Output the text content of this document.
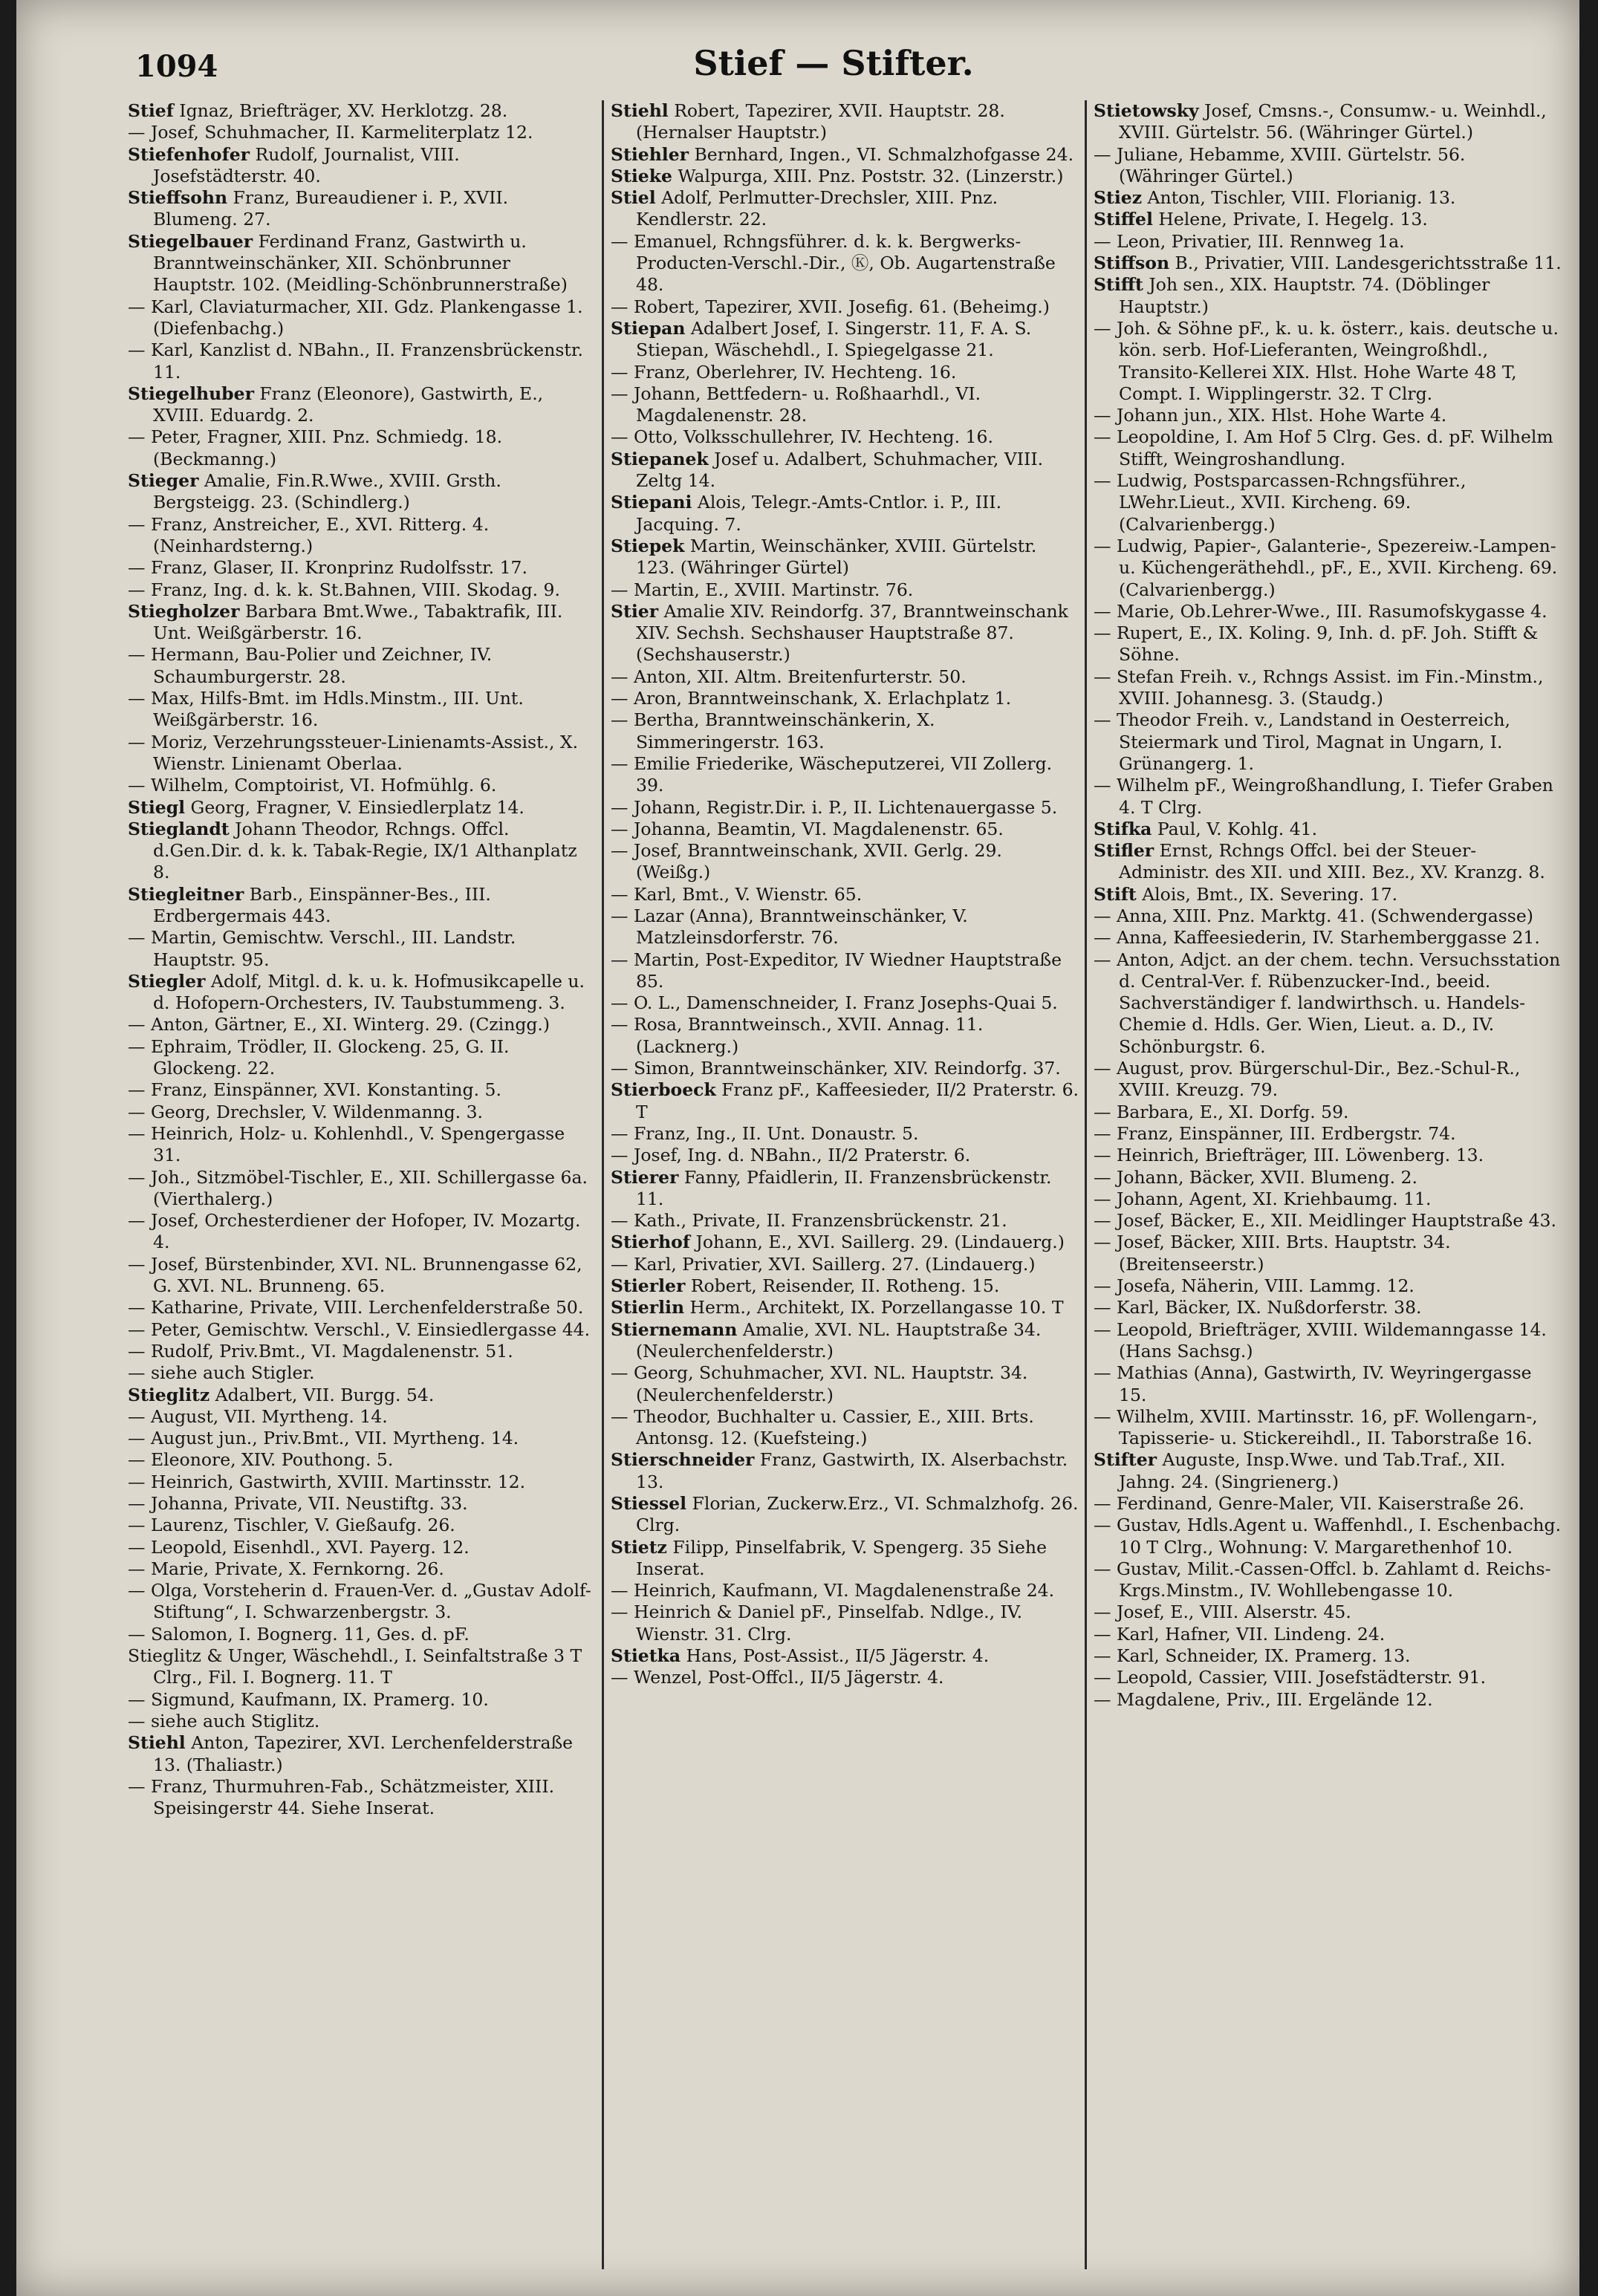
1094	Stief — Stifter.

Stief Ignaz, Briefträger, XV. Herklotzg. 28.

— Josef, Schuhmacher, II. Karmeliterplatz 12.

Stiefenhofer Rudolf, Journalist, VIII. Josefstädterstr. 40.

Stieffsohn Franz, Bureaudiener i. P., XVII. Blumeng. 27.

Stiegelbauer Ferdinand Franz, Gastwirth u. Branntweinschänker, XII. Schönbrunner Hauptstr. 102. (Meidling-Schönbrunnerstraße)

— Karl, Claviaturmacher, XII. Gdz. Plankengasse 1. (Diefenbachg.)

— Karl, Kanzlist d. NBahn., II. Franzensbrückenstr. 11.

Stiegelhuber Franz (Eleonore), Gastwirth, E., XVIII. Eduardg. 2.

— Peter, Fragner, XIII. Pnz. Schmiedg. 18. (Beckmanng.)

Stieger Amalie, Fin.R.Wwe., XVIII. Grsth. Bergsteigg. 23. (Schindlerg.)

— Franz, Anstreicher, E., XVI. Ritterg. 4. (Neinhardsterng.)

— Franz, Glaser, II. Kronprinz Rudolfsstr. 17.

— Franz, Ing. d. k. k. St.Bahnen, VIII. Skodag. 9.

Stiegholzer Barbara Bmt.Wwe., Tabaktrafik, III. Unt. Weißgärberstr. 16.

— Hermann, Bau-Polier und Zeichner, IV. Schaumburgerstr. 28.

— Max, Hilfs-Bmt. im Hdls.Minstm., III. Unt. Weißgärberstr. 16.

— Moriz, Verzehrungssteuer-Linienamts-Assist., X. Wienstr. Linienamt Oberlaa.

— Wilhelm, Comptoirist, VI. Hofmühlg. 6.

Stiegl Georg, Fragner, V. Einsiedlerplatz 14.

Stieglandt Johann Theodor, Rchngs. Offcl. d.Gen.Dir. d. k. k. Tabak-Regie, IX/1 Althanplatz 8.

Stiegleitner Barb., Einspänner-Bes., III. Erdbergermais 443.

— Martin, Gemischtw. Verschl., III. Landstr. Hauptstr. 95.

Stiegler Adolf, Mitgl. d. k. u. k. Hofmusikcapelle u. d. Hofopern-Orchesters, IV. Taubstummeng. 3.

— Anton, Gärtner, E., XI. Winterg. 29. (Czingg.)

— Ephraim, Trödler, II. Glockeng. 25, G. II. Glockeng. 22.

— Franz, Einspänner, XVI. Konstanting. 5.

— Georg, Drechsler, V. Wildenmanng. 3.

— Heinrich, Holz- u. Kohlenhdl., V. Spengergasse 31.

— Joh., Sitzmöbel-Tischler, E., XII. Schillergasse 6a. (Vierthalerg.)

— Josef, Orchesterdiener der Hofoper, IV. Mozartg. 4.

— Josef, Bürstenbinder, XVI. NL. Brunnengasse 62, G. XVI. NL. Brunneng. 65.

— Katharine, Private, VIII. Lerchenfelderstraße 50.

— Peter, Gemischtw. Verschl., V. Einsiedlergasse 44.

— Rudolf, Priv.Bmt., VI. Magdalenenstr. 51.

— siehe auch Stigler.

Stieglitz Adalbert, VII. Burgg. 54.

— August, VII. Myrtheng. 14.

— August jun., Priv.Bmt., VII. Myrtheng. 14.

— Eleonore, XIV. Pouthong. 5.

— Heinrich, Gastwirth, XVIII. Martinsstr. 12.

— Johanna, Private, VII. Neustiftg. 33.

— Laurenz, Tischler, V. Gießaufg. 26.

— Leopold, Eisenhdl., XVI. Payerg. 12.

— Marie, Private, X. Fernkorng. 26.

— Olga, Vorsteherin d. Frauen-Ver. d. „Gustav Adolf-Stiftung“, I. Schwarzenbergstr. 3.

— Salomon, I. Bognerg. 11, Ges. d. pF.

Stieglitz & Unger, Wäschehdl., I. Seinfaltstraße 3 T Clrg., Fil. I. Bognerg. 11. T

— Sigmund, Kaufmann, IX. Pramerg. 10.

— siehe auch Stiglitz.

Stiehl Anton, Tapezirer, XVI. Lerchenfelderstraße 13. (Thaliastr.)

— Franz, Thurmuhren-Fab., Schätzmeister, XIII. Speisingerstr 44. Siehe Inserat.

Stiehl Robert, Tapezirer, XVII. Hauptstr. 28. (Hernalser Hauptstr.)

Stiehler Bernhard, Ingen., VI. Schmalzhofgasse 24.

Stieke Walpurga, XIII. Pnz. Poststr. 32. (Linzerstr.)

Stiel Adolf, Perlmutter-Drechsler, XIII. Pnz. Kendlerstr. 22.

— Emanuel, Rchngsführer. d. k. k. Bergwerks-Producten-Verschl.-Dir., Ⓚ, Ob. Augartenstraße 48.

— Robert, Tapezirer, XVII. Josefig. 61. (Beheimg.)

Stiepan Adalbert Josef, I. Singerstr. 11, F. A. S. Stiepan, Wäschehdl., I. Spiegelgasse 21.

— Franz, Oberlehrer, IV. Hechteng. 16.

— Johann, Bettfedern- u. Roßhaarhdl., VI. Magdalenenstr. 28.

— Otto, Volksschullehrer, IV. Hechteng. 16.

Stiepanek Josef u. Adalbert, Schuhmacher, VIII. Zeltg 14.

Stiepani Alois, Telegr.-Amts-Cntlor. i. P., III. Jacquing. 7.

Stiepek Martin, Weinschänker, XVIII. Gürtelstr. 123. (Währinger Gürtel)

— Martin, E., XVIII. Martinstr. 76.

Stier Amalie XIV. Reindorfg. 37, Branntweinschank XIV. Sechsh. Sechshauser Hauptstraße 87. (Sechshauserstr.)

— Anton, XII. Altm. Breitenfurterstr. 50.

— Aron, Branntweinschank, X. Erlachplatz 1.

— Bertha, Branntweinschänkerin, X. Simmeringerstr. 163.

— Emilie Friederike, Wäscheputzerei, VII Zollerg. 39.

— Johann, Registr.Dir. i. P., II. Lichtenauergasse 5.

— Johanna, Beamtin, VI. Magdalenenstr. 65.

— Josef, Branntweinschank, XVII. Gerlg. 29. (Weißg.)

— Karl, Bmt., V. Wienstr. 65.

— Lazar (Anna), Branntweinschänker, V. Matzleinsdorferstr. 76.

— Martin, Post-Expeditor, IV Wiedner Hauptstraße 85.

— O. L., Damenschneider, I. Franz Josephs-Quai 5.

— Rosa, Branntweinsch., XVII. Annag. 11. (Lacknerg.)

— Simon, Branntweinschänker, XIV. Reindorfg. 37.

Stierboeck Franz pF., Kaffeesieder, II/2 Praterstr. 6. T

— Franz, Ing., II. Unt. Donaustr. 5.

— Josef, Ing. d. NBahn., II/2 Praterstr. 6.

Stierer Fanny, Pfaidlerin, II. Franzensbrückenstr. 11.

— Kath., Private, II. Franzensbrückenstr. 21.

Stierhof Johann, E., XVI. Saillerg. 29. (Lindauerg.)

— Karl, Privatier, XVI. Saillerg. 27. (Lindauerg.)

Stierler Robert, Reisender, II. Rotheng. 15.

Stierlin Herm., Architekt, IX. Porzellangasse 10. T

Stiernemann Amalie, XVI. NL. Hauptstraße 34. (Neulerchenfelderstr.)

— Georg, Schuhmacher, XVI. NL. Hauptstr. 34. (Neulerchenfelderstr.)

— Theodor, Buchhalter u. Cassier, E., XIII. Brts. Antonsg. 12. (Kuefsteing.)

Stierschneider Franz, Gastwirth, IX. Alserbachstr. 13.

Stiessel Florian, Zuckerw.Erz., VI. Schmalzhofg. 26. Clrg.

Stietz Filipp, Pinselfabrik, V. Spengerg. 35 Siehe Inserat.

— Heinrich, Kaufmann, VI. Magdalenenstraße 24.

— Heinrich & Daniel pF., Pinselfab. Ndlge., IV. Wienstr. 31. Clrg.

Stietka Hans, Post-Assist., II/5 Jägerstr. 4.

— Wenzel, Post-Offcl., II/5 Jägerstr. 4.

Stietowsky Josef, Cmsns.-, Consumw.- u. Weinhdl., XVIII. Gürtelstr. 56. (Währinger Gürtel.)

— Juliane, Hebamme, XVIII. Gürtelstr. 56. (Währinger Gürtel.)

Stiez Anton, Tischler, VIII. Florianig. 13.

Stiffel Helene, Private, I. Hegelg. 13.

— Leon, Privatier, III. Rennweg 1a.

Stiffson B., Privatier, VIII. Landesgerichtsstraße 11.

Stifft Joh sen., XIX. Hauptstr. 74. (Döblinger Hauptstr.)

— Joh. & Söhne pF., k. u. k. österr., kais. deutsche u. kön. serb. Hof-Lieferanten, Weingroßhdl., Transito-Kellerei XIX. Hlst. Hohe Warte 48 T, Compt. I. Wipplingerstr. 32. T Clrg.

— Johann jun., XIX. Hlst. Hohe Warte 4.

— Leopoldine, I. Am Hof 5 Clrg. Ges. d. pF. Wilhelm Stifft, Weingroshandlung.

— Ludwig, Postsparcassen-Rchngsführer., LWehr.Lieut., XVII. Kircheng. 69. (Calvarienbergg.)

— Ludwig, Papier-, Galanterie-, Spezereiw.-Lampen- u. Küchengeräthehdl., pF., E., XVII. Kircheng. 69. (Calvarienbergg.)

— Marie, Ob.Lehrer-Wwe., III. Rasumofskygasse 4.

— Rupert, E., IX. Koling. 9, Inh. d. pF. Joh. Stifft & Söhne.

— Stefan Freih. v., Rchngs Assist. im Fin.-Minstm., XVIII. Johannesg. 3. (Staudg.)

— Theodor Freih. v., Landstand in Oesterreich, Steiermark und Tirol, Magnat in Ungarn, I. Grünangerg. 1.

— Wilhelm pF., Weingroßhandlung, I. Tiefer Graben 4. T Clrg.

Stifka Paul, V. Kohlg. 41.

Stifler Ernst, Rchngs Offcl. bei der Steuer-Administr. des XII. und XIII. Bez., XV. Kranzg. 8.

Stift Alois, Bmt., IX. Severing. 17.

— Anna, XIII. Pnz. Marktg. 41. (Schwendergasse)

— Anna, Kaffeesiederin, IV. Starhemberggasse 21.

— Anton, Adjct. an der chem. techn. Versuchsstation d. Central-Ver. f. Rübenzucker-Ind., beeid. Sachverständiger f. landwirthsch. u. Handels-Chemie d. Hdls. Ger. Wien, Lieut. a. D., IV. Schönburgstr. 6.

— August, prov. Bürgerschul-Dir., Bez.-Schul-R., XVIII. Kreuzg. 79.

— Barbara, E., XI. Dorfg. 59.

— Franz, Einspänner, III. Erdbergstr. 74.

— Heinrich, Briefträger, III. Löwenberg. 13.

— Johann, Bäcker, XVII. Blumeng. 2.

— Johann, Agent, XI. Kriehbaumg. 11.

— Josef, Bäcker, E., XII. Meidlinger Hauptstraße 43.

— Josef, Bäcker, XIII. Brts. Hauptstr. 34. (Breitenseerstr.)

— Josefa, Näherin, VIII. Lammg. 12.

— Karl, Bäcker, IX. Nußdorferstr. 38.

— Leopold, Briefträger, XVIII. Wildemanngasse 14. (Hans Sachsg.)

— Mathias (Anna), Gastwirth, IV. Weyringergasse 15.

— Wilhelm, XVIII. Martinsstr. 16, pF. Wollengarn-, Tapisserie- u. Stickereihdl., II. Taborstraße 16.

Stifter Auguste, Insp.Wwe. und Tab.Traf., XII. Jahng. 24. (Singrienerg.)

— Ferdinand, Genre-Maler, VII. Kaiserstraße 26.

— Gustav, Hdls.Agent u. Waffenhdl., I. Eschenbachg. 10 T Clrg., Wohnung: V. Margarethenhof 10.

— Gustav, Milit.-Cassen-Offcl. b. Zahlamt d. Reichs-Krgs.Minstm., IV. Wohllebengasse 10.

— Josef, E., VIII. Alserstr. 45.

— Karl, Hafner, VII. Lindeng. 24.

— Karl, Schneider, IX. Pramerg. 13.

— Leopold, Cassier, VIII. Josefstädterstr. 91.

— Magdalene, Priv., III. Ergelände 12.
